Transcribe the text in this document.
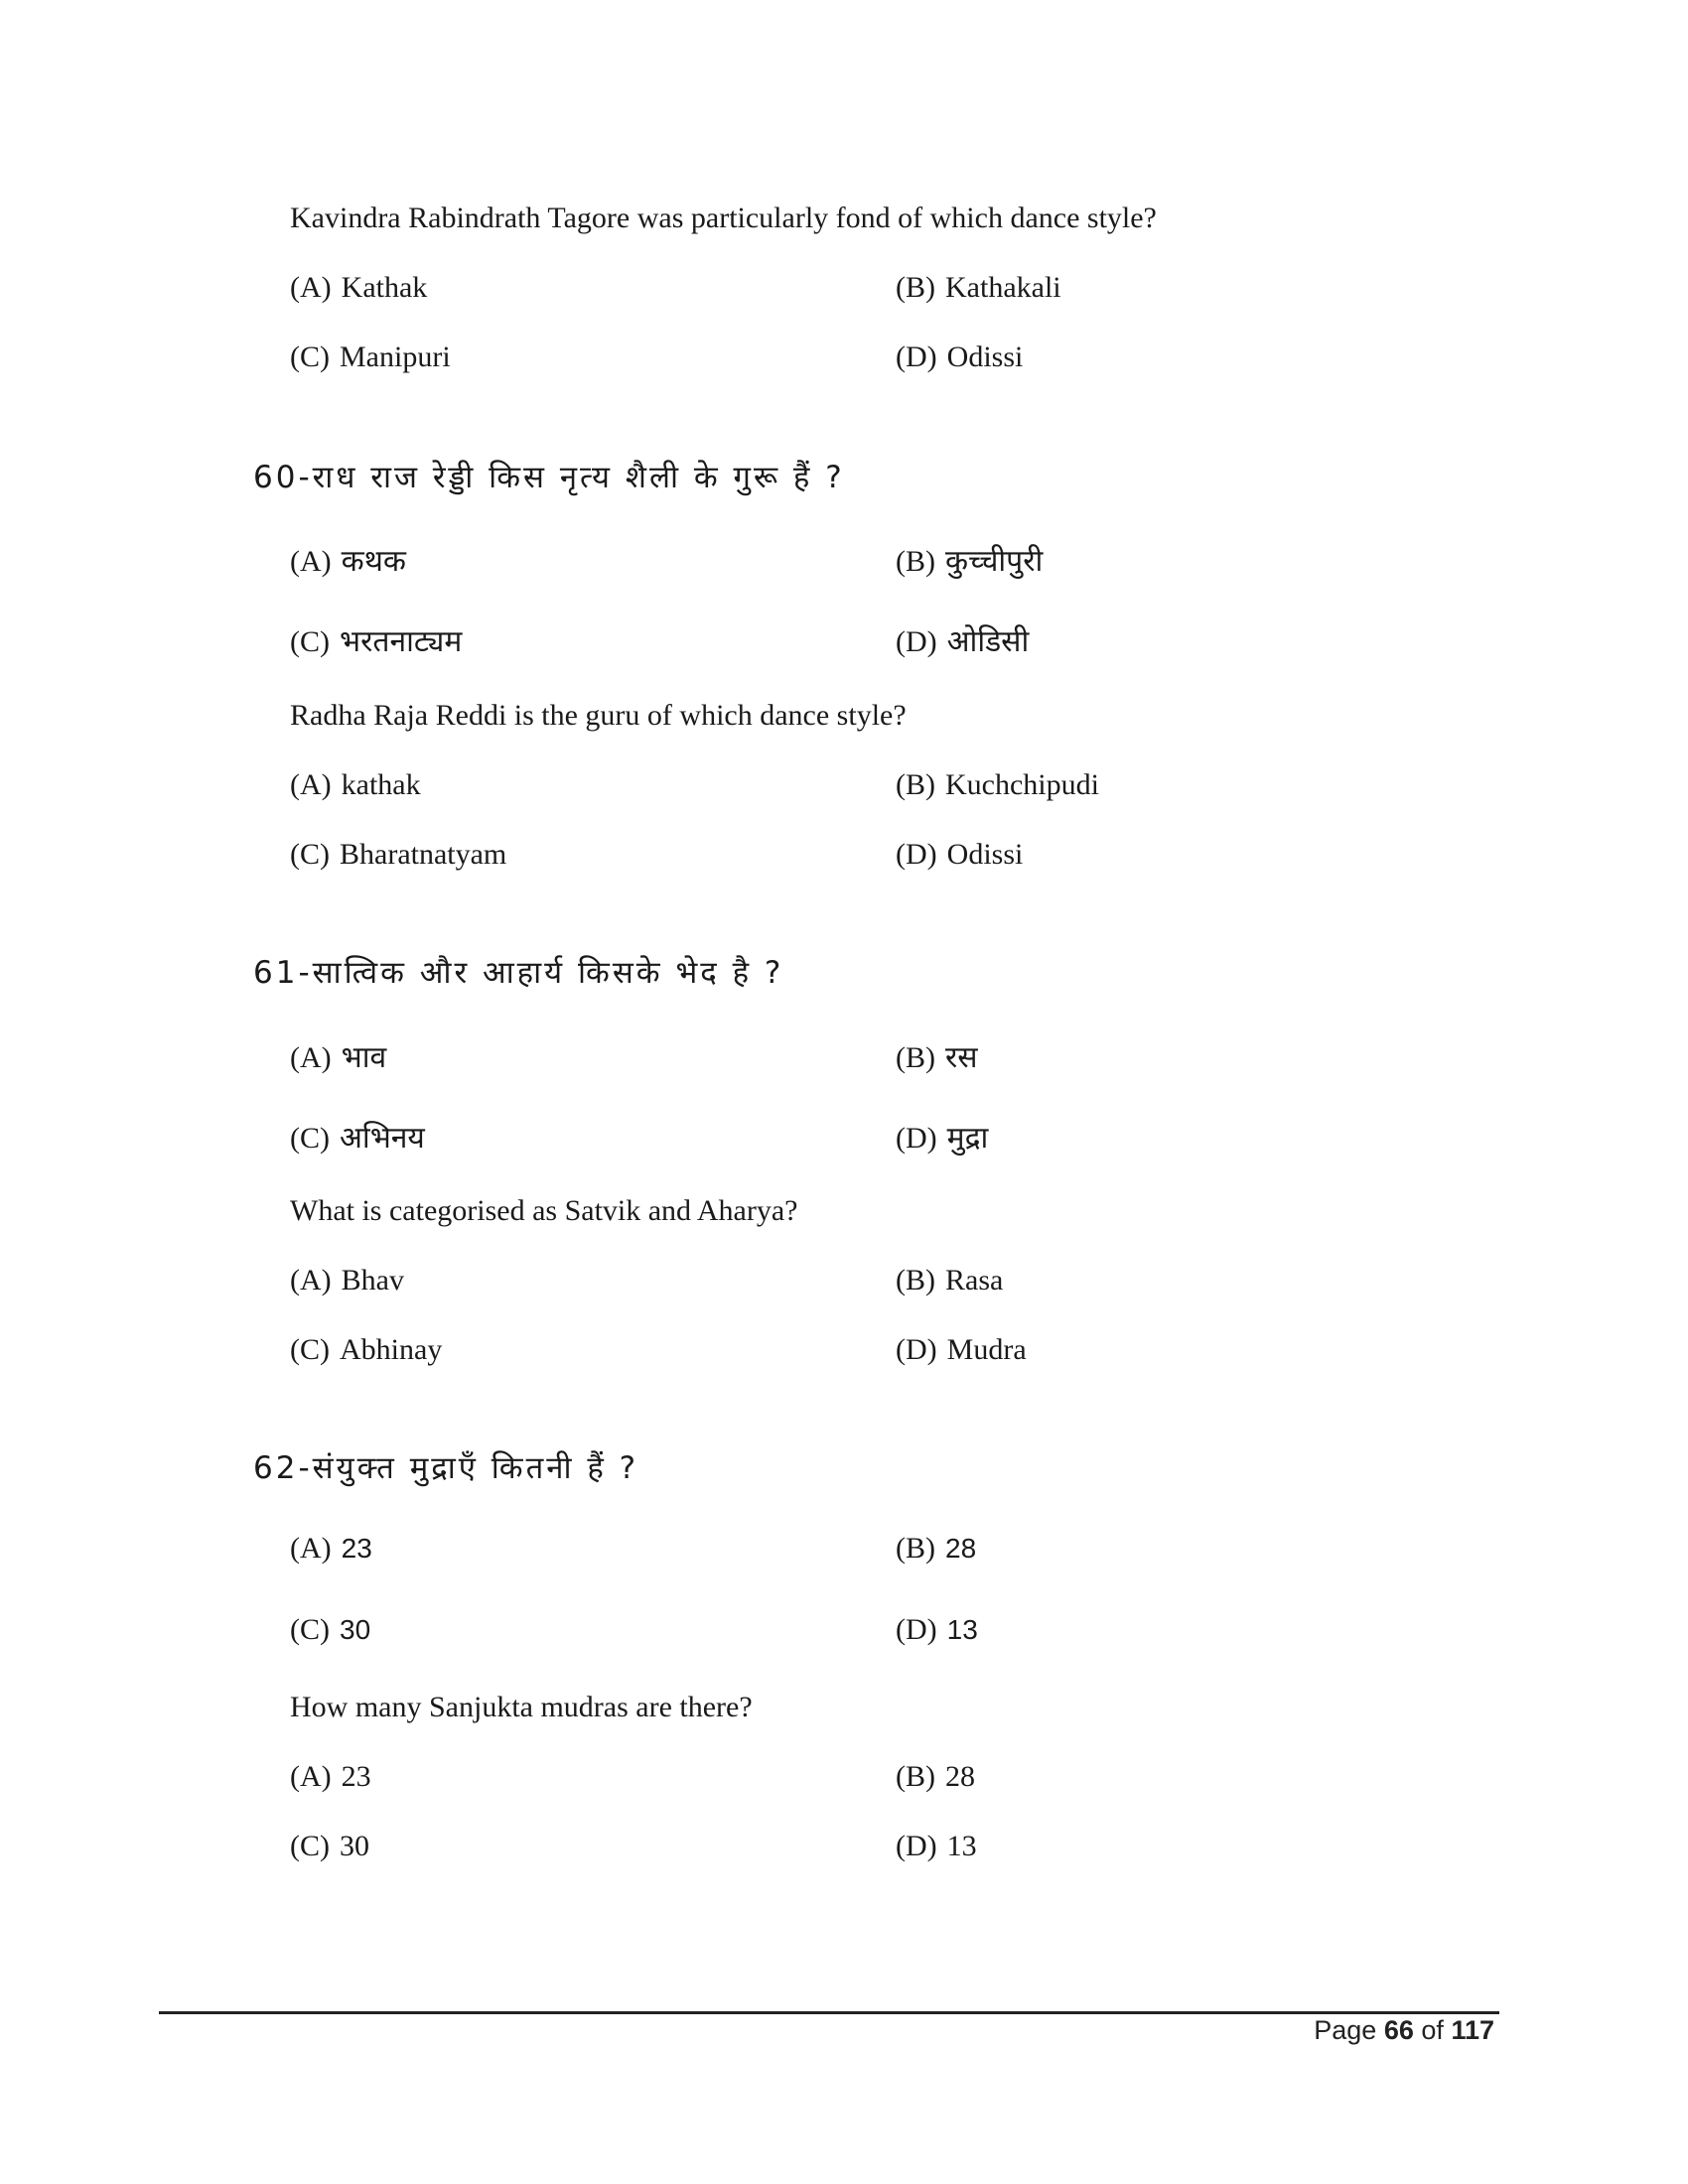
Kavindra Rabindrath Tagore was particularly fond of which dance style?
(A) Kathak	(B) Kathakali
(C) Manipuri	(D) Odissi
60-राध राज रेड्डी किस नृत्य शैली के गुरू हैं ?
(A) कथक	(B) कुच्चीपुरी
(C) भरतनाट्यम	(D) ओडिसी
Radha Raja Reddi is the guru of which dance style?
(A) kathak	(B) Kuchchipudi
(C) Bharatnatyam	(D) Odissi
61-सात्विक और आहार्य किसके भेद है ?
(A) भाव	(B) रस
(C) अभिनय	(D) मुद्रा
What is categorised as Satvik and Aharya?
(A) Bhav	(B) Rasa
(C) Abhinay	(D) Mudra
62-संयुक्त मुद्राएँ कितनी हैं ?
(A) 23	(B) 28
(C) 30	(D) 13
How many Sanjukta mudras are there?
(A) 23	(B) 28
(C) 30	(D) 13
Page 66 of 117
